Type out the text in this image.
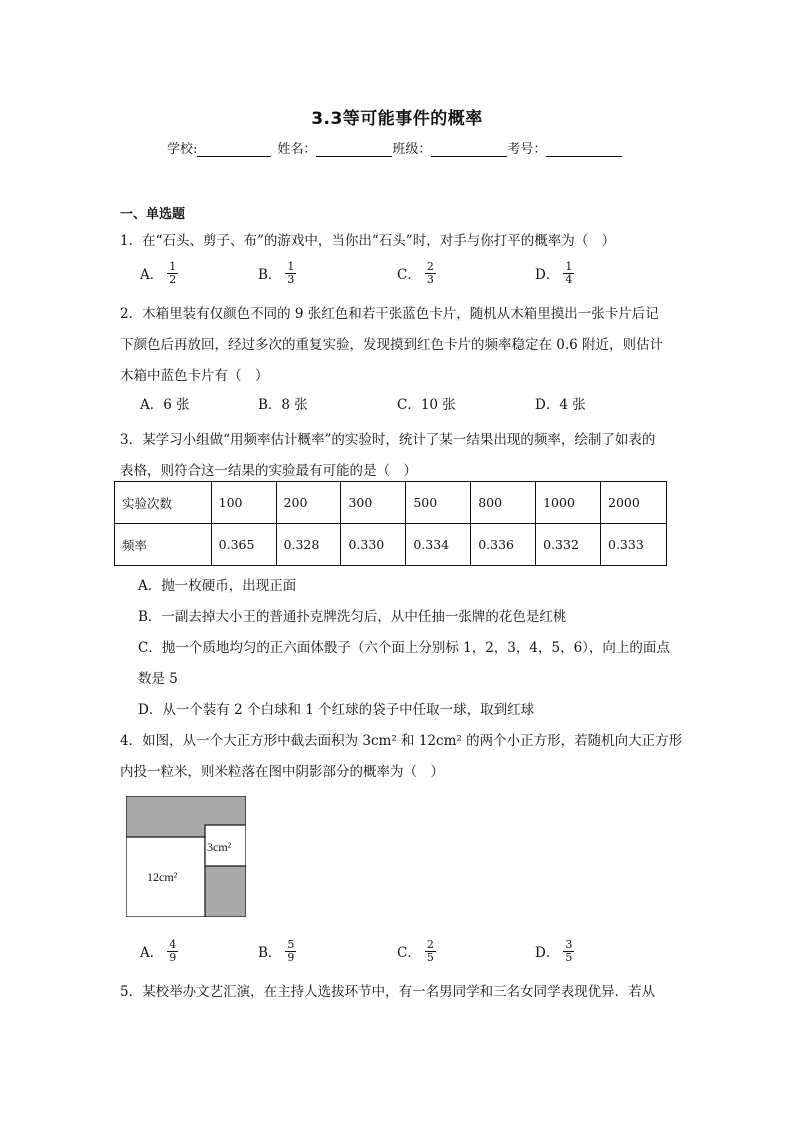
3.3等可能事件的概率
学校:	姓名：	班级：	考号：
一、单选题
1．在“石头、剪子、布”的游戏中，当你出“石头”时，对手与你打平的概率为（　）
A． $\frac{1}{2}$	B． $\frac{1}{3}$	C． $\frac{2}{3}$	D． $\frac{1}{4}$
2．木箱里装有仅颜色不同的 9 张红色和若干张蓝色卡片，随机从木箱里摸出一张卡片后记
下颜色后再放回，经过多次的重复实验，发现摸到红色卡片的频率稳定在 0.6 附近，则估计
木箱中蓝色卡片有（　）
A．6 张	B．8 张	C．10 张	D．4 张
3．某学习小组做“用频率估计概率”的实验时，统计了某一结果出现的频率，绘制了如表的
表格，则符合这一结果的实验最有可能的是（　）
实验次数	100	200	300	500	800	1000	2000
频率	0.365	0.328	0.330	0.334	0.336	0.332	0.333
A．抛一枚硬币，出现正面
B．一副去掉大小王的普通扑克牌洗匀后，从中任抽一张牌的花色是红桃
C．抛一个质地均匀的正六面体骰子（六个面上分别标 1，2，3，4，5，6），向上的面点
数是 5
D．从一个装有 2 个白球和 1 个红球的袋子中任取一球，取到红球
4．如图，从一个大正方形中截去面积为 3cm² 和 12cm² 的两个小正方形，若随机向大正方形
内投一粒米，则米粒落在图中阴影部分的概率为（　）
3cm²
12cm²
A． $\frac{4}{9}$	B． $\frac{5}{9}$	C． $\frac{2}{5}$	D． $\frac{3}{5}$
5．某校举办文艺汇演，在主持人选拔环节中，有一名男同学和三名女同学表现优异．若从
